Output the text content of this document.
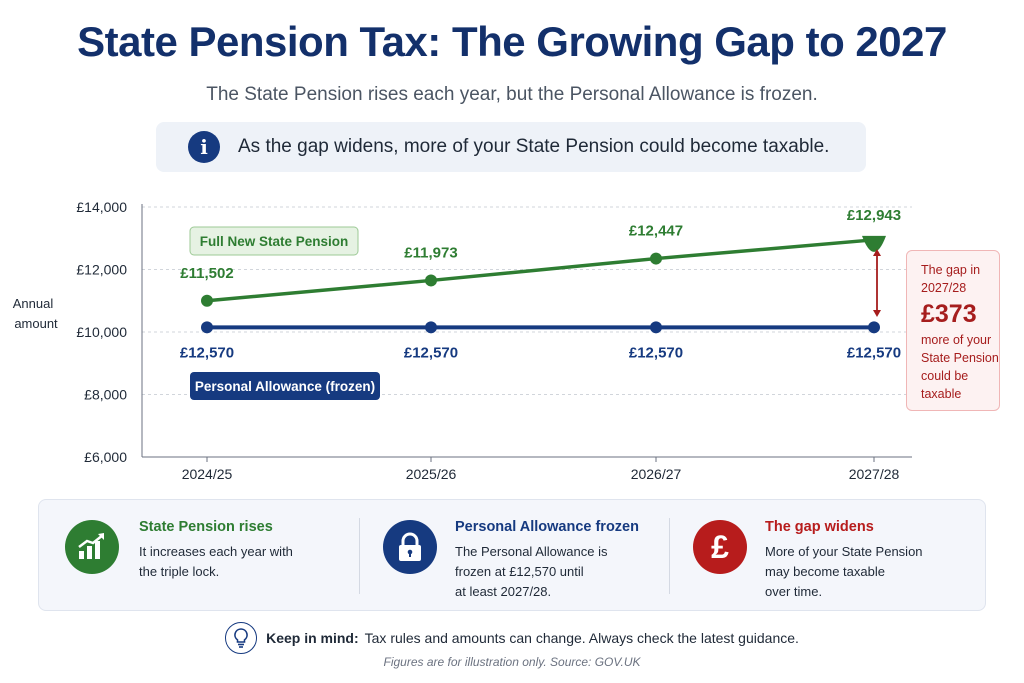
State Pension Tax: The Growing Gap to 2027
The State Pension rises each year, but the Personal Allowance is frozen.
i	As the gap widens, more of your State Pension could become taxable.
£6,000
£8,000
£10,000
£12,000
£14,000
Annual
amount
2024/25	2025/26	2026/27	2027/28
£11,502
£11,973
£12,447
£12,943
£12,570	£12,570	£12,570	£12,570
Full New State Pension
Personal Allowance (frozen)
The gap in
2027/28
£373
more of your
State Pension
could be
taxable
State Pension rises
It increases each year with
the triple lock.
Personal Allowance frozen
The Personal Allowance is
frozen at £12,570 until
at least 2027/28.
£
The gap widens
More of your State Pension
may become taxable
over time.
Keep in mind: Tax rules and amounts can change. Always check the latest guidance.
Figures are for illustration only. Source: GOV.UK
